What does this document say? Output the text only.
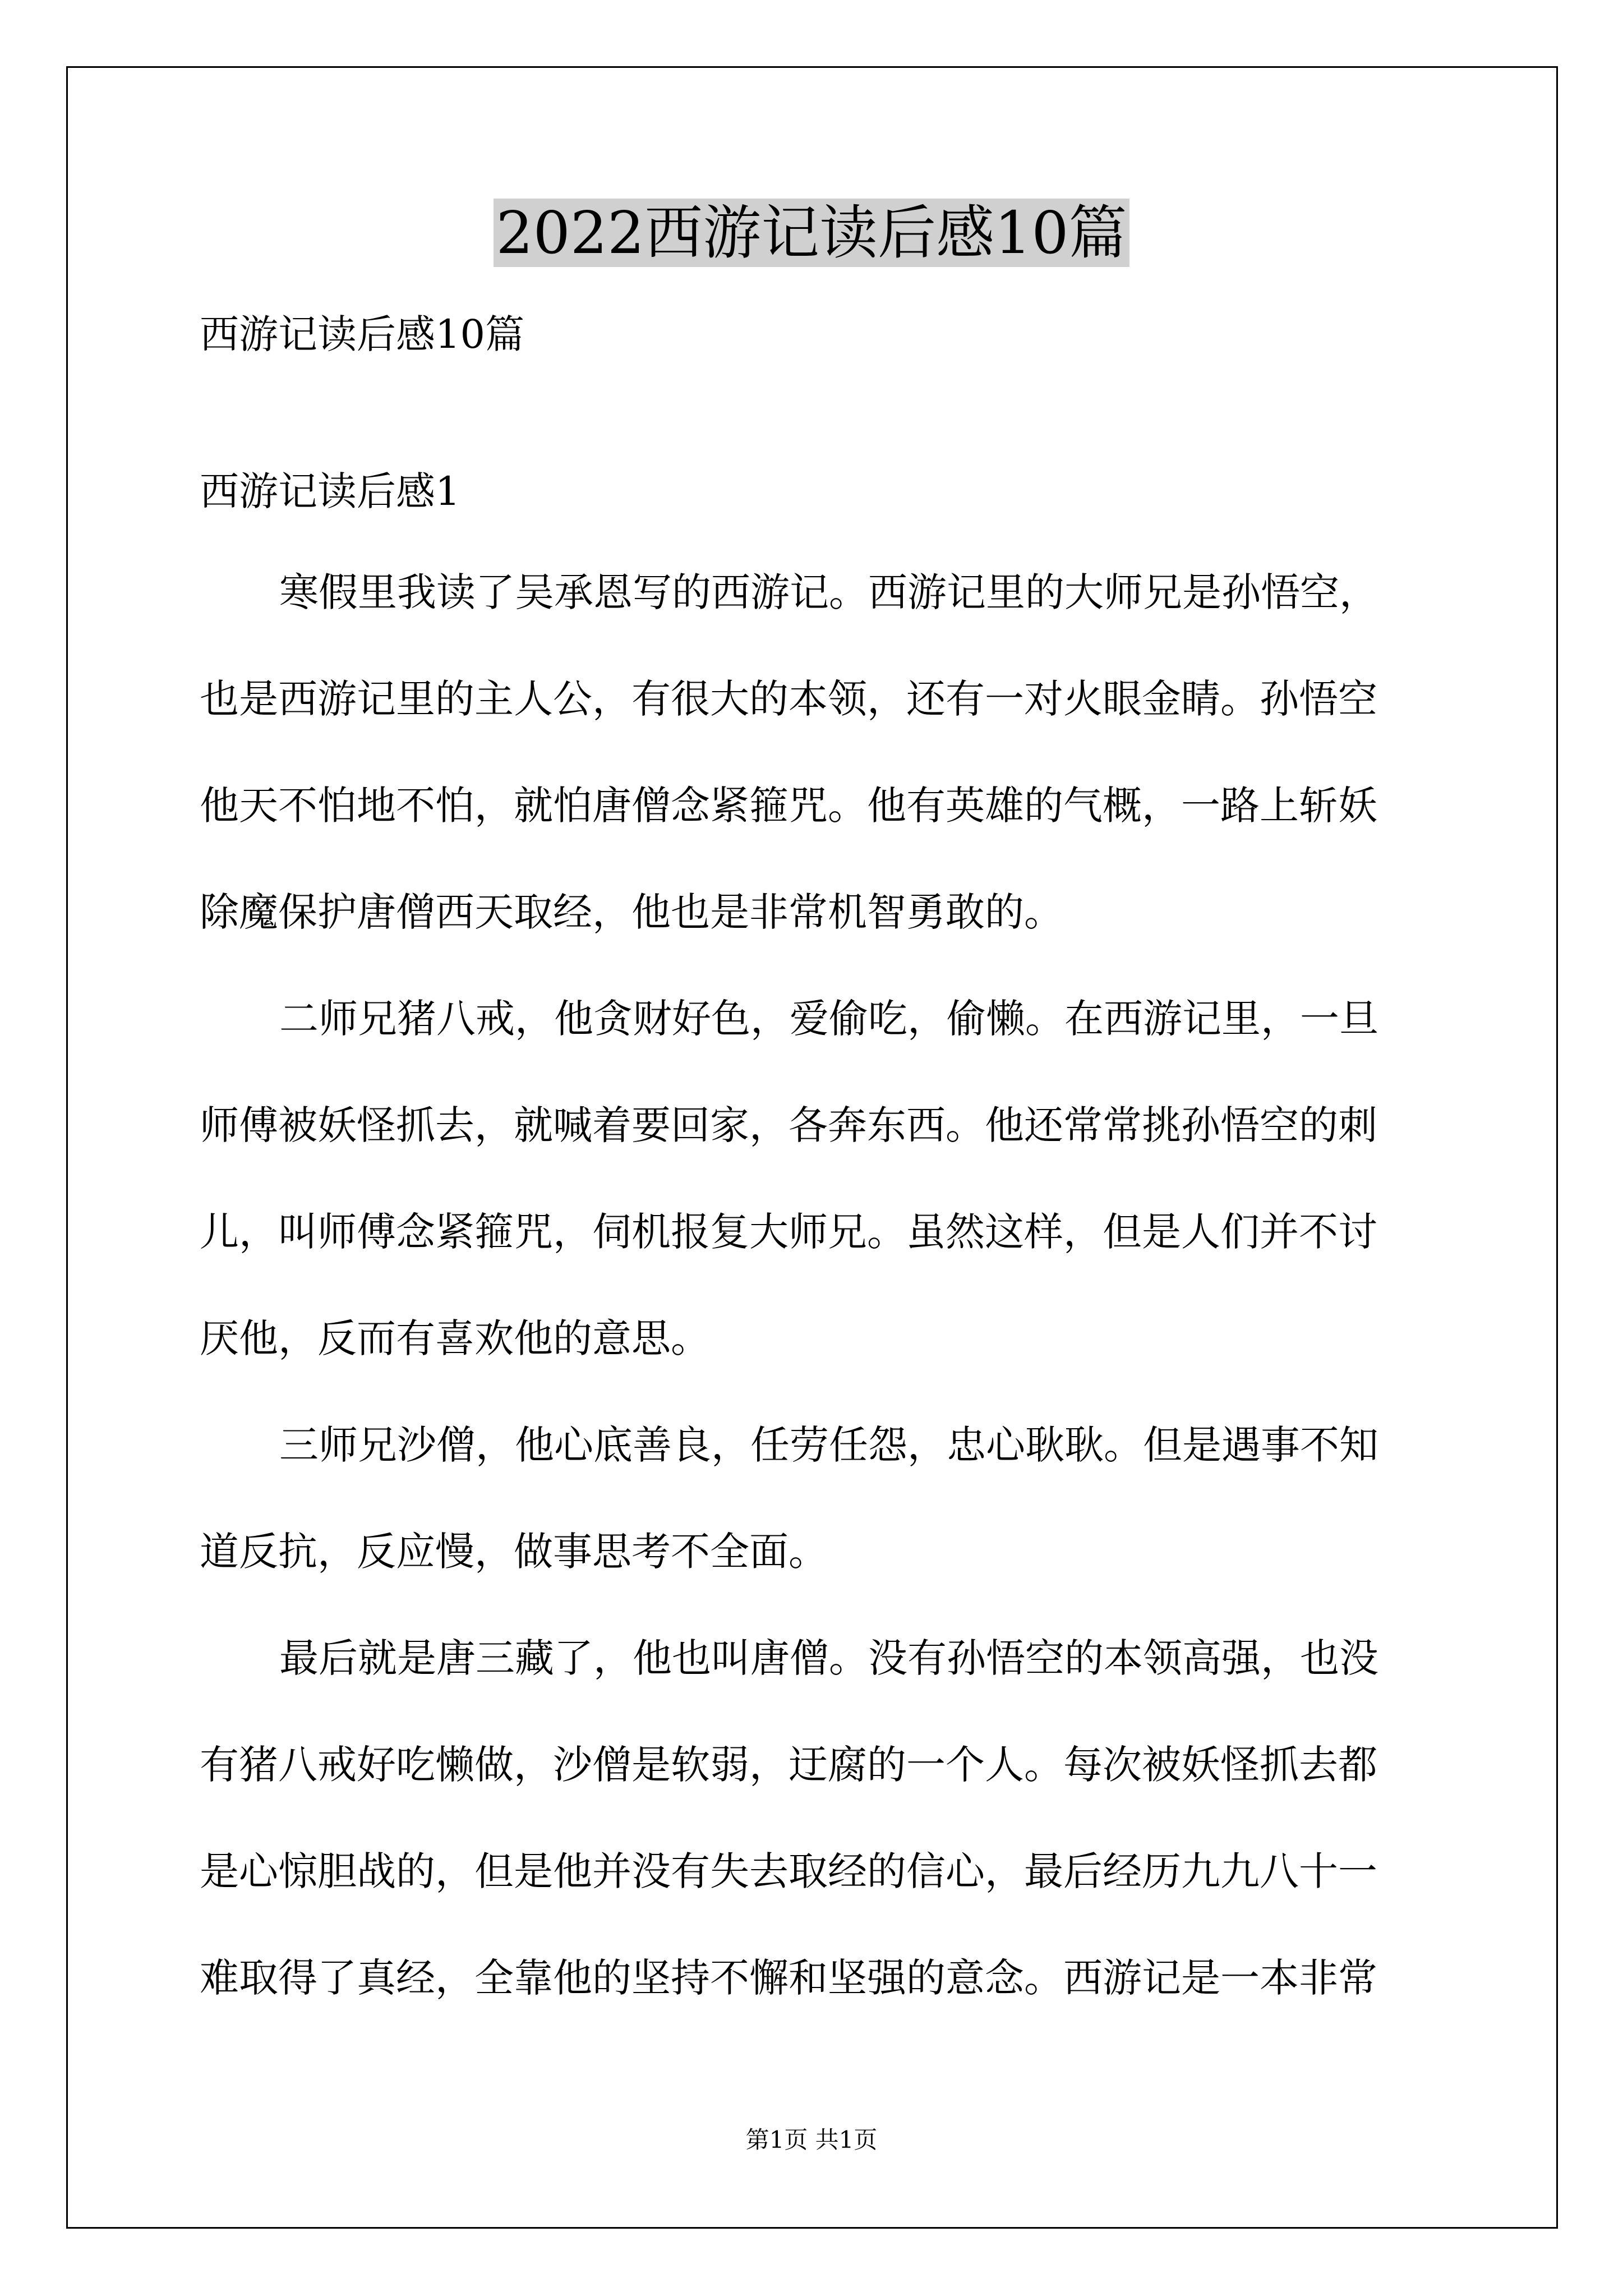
2022西游记读后感10篇
西游记读后感10篇
西游记读后感1
寒假里我读了吴承恩写的西游记。西游记里的大师兄是孙悟空，
也是西游记里的主人公，有很大的本领，还有一对火眼金睛。孙悟空
他天不怕地不怕，就怕唐僧念紧箍咒。他有英雄的气概，一路上斩妖
除魔保护唐僧西天取经，他也是非常机智勇敢的。
二师兄猪八戒，他贪财好色，爱偷吃，偷懒。在西游记里，一旦
师傅被妖怪抓去，就喊着要回家，各奔东西。他还常常挑孙悟空的刺
儿，叫师傅念紧箍咒，伺机报复大师兄。虽然这样，但是人们并不讨
厌他，反而有喜欢他的意思。
三师兄沙僧，他心底善良，任劳任怨，忠心耿耿。但是遇事不知
道反抗，反应慢，做事思考不全面。
最后就是唐三藏了，他也叫唐僧。没有孙悟空的本领高强，也没
有猪八戒好吃懒做，沙僧是软弱，迂腐的一个人。每次被妖怪抓去都
是心惊胆战的，但是他并没有失去取经的信心，最后经历九九八十一
难取得了真经，全靠他的坚持不懈和坚强的意念。西游记是一本非常
第1页 共1页
